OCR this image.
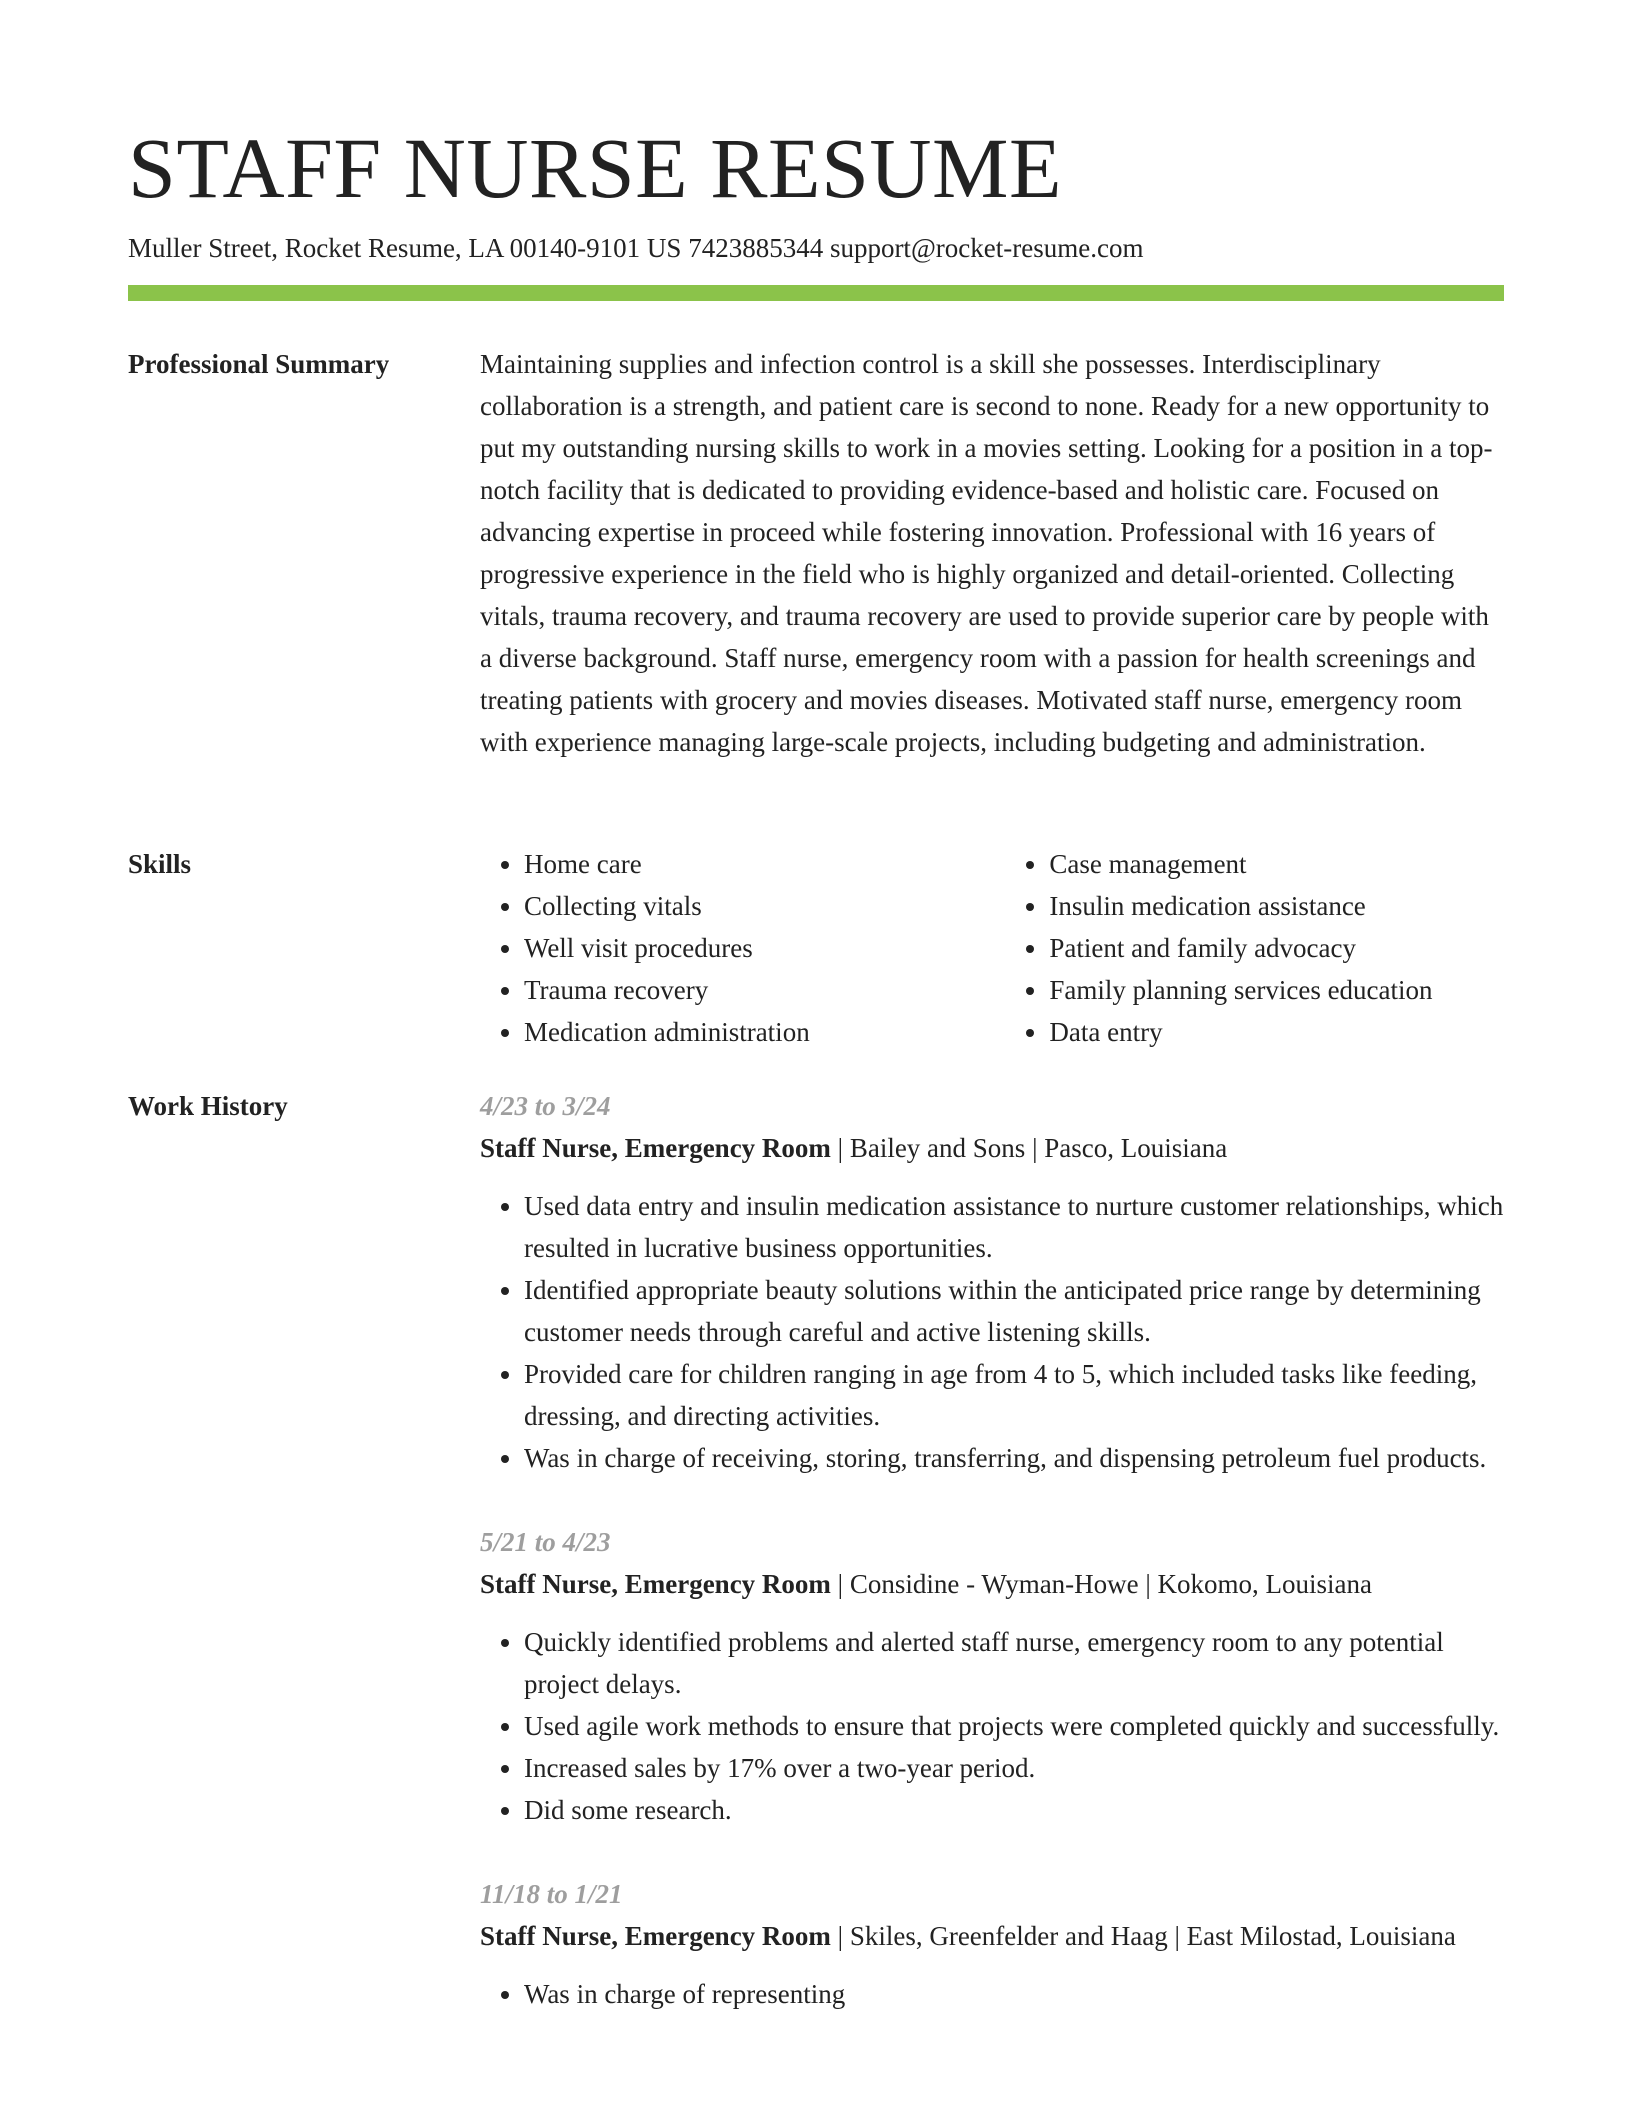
STAFF NURSE RESUME
Muller Street, Rocket Resume, LA 00140-9101 US 7423885344 support@rocket-resume.com
Professional Summary	Maintaining supplies and infection control is a skill she possesses. Interdisciplinary collaboration is a strength, and patient care is second to none. Ready for a new opportunity to put my outstanding nursing skills to work in a movies setting. Looking for a position in a top-notch facility that is dedicated to providing evidence-based and holistic care. Focused on advancing expertise in proceed while fostering innovation. Professional with 16 years of progressive experience in the field who is highly organized and detail-oriented. Collecting vitals, trauma recovery, and trauma recovery are used to provide superior care by people with a diverse background. Staff nurse, emergency room with a passion for health screenings and treating patients with grocery and movies diseases. Motivated staff nurse, emergency room with experience managing large-scale projects, including budgeting and administration.

Skills
•	Home care
• Collecting vitals
• Well visit procedures
• Trauma recovery
• Medication administration
• Case management
• Insulin medication assistance
• Patient and family advocacy
• Family planning services education
• Data entry
Work History	4/23 to 3/24

Staff Nurse, Emergency Room | Bailey and Sons | Pasco, Louisiana

• Used data entry and insulin medication assistance to nurture customer relationships, which resulted in lucrative business opportunities.
• Identified appropriate beauty solutions within the anticipated price range by determining customer needs through careful and active listening skills.
• Provided care for children ranging in age from 4 to 5, which included tasks like feeding, dressing, and directing activities.
• Was in charge of receiving, storing, transferring, and dispensing petroleum fuel products.

5/21 to 4/23

Staff Nurse, Emergency Room | Considine - Wyman-Howe | Kokomo, Louisiana

• Quickly identified problems and alerted staff nurse, emergency room to any potential project delays.
• Used agile work methods to ensure that projects were completed quickly and successfully.
• Increased sales by 17% over a two-year period.
• Did some research.

11/18 to 1/21

Staff Nurse, Emergency Room | Skiles, Greenfelder and Haag | East Milostad, Louisiana

• Was in charge of representing
